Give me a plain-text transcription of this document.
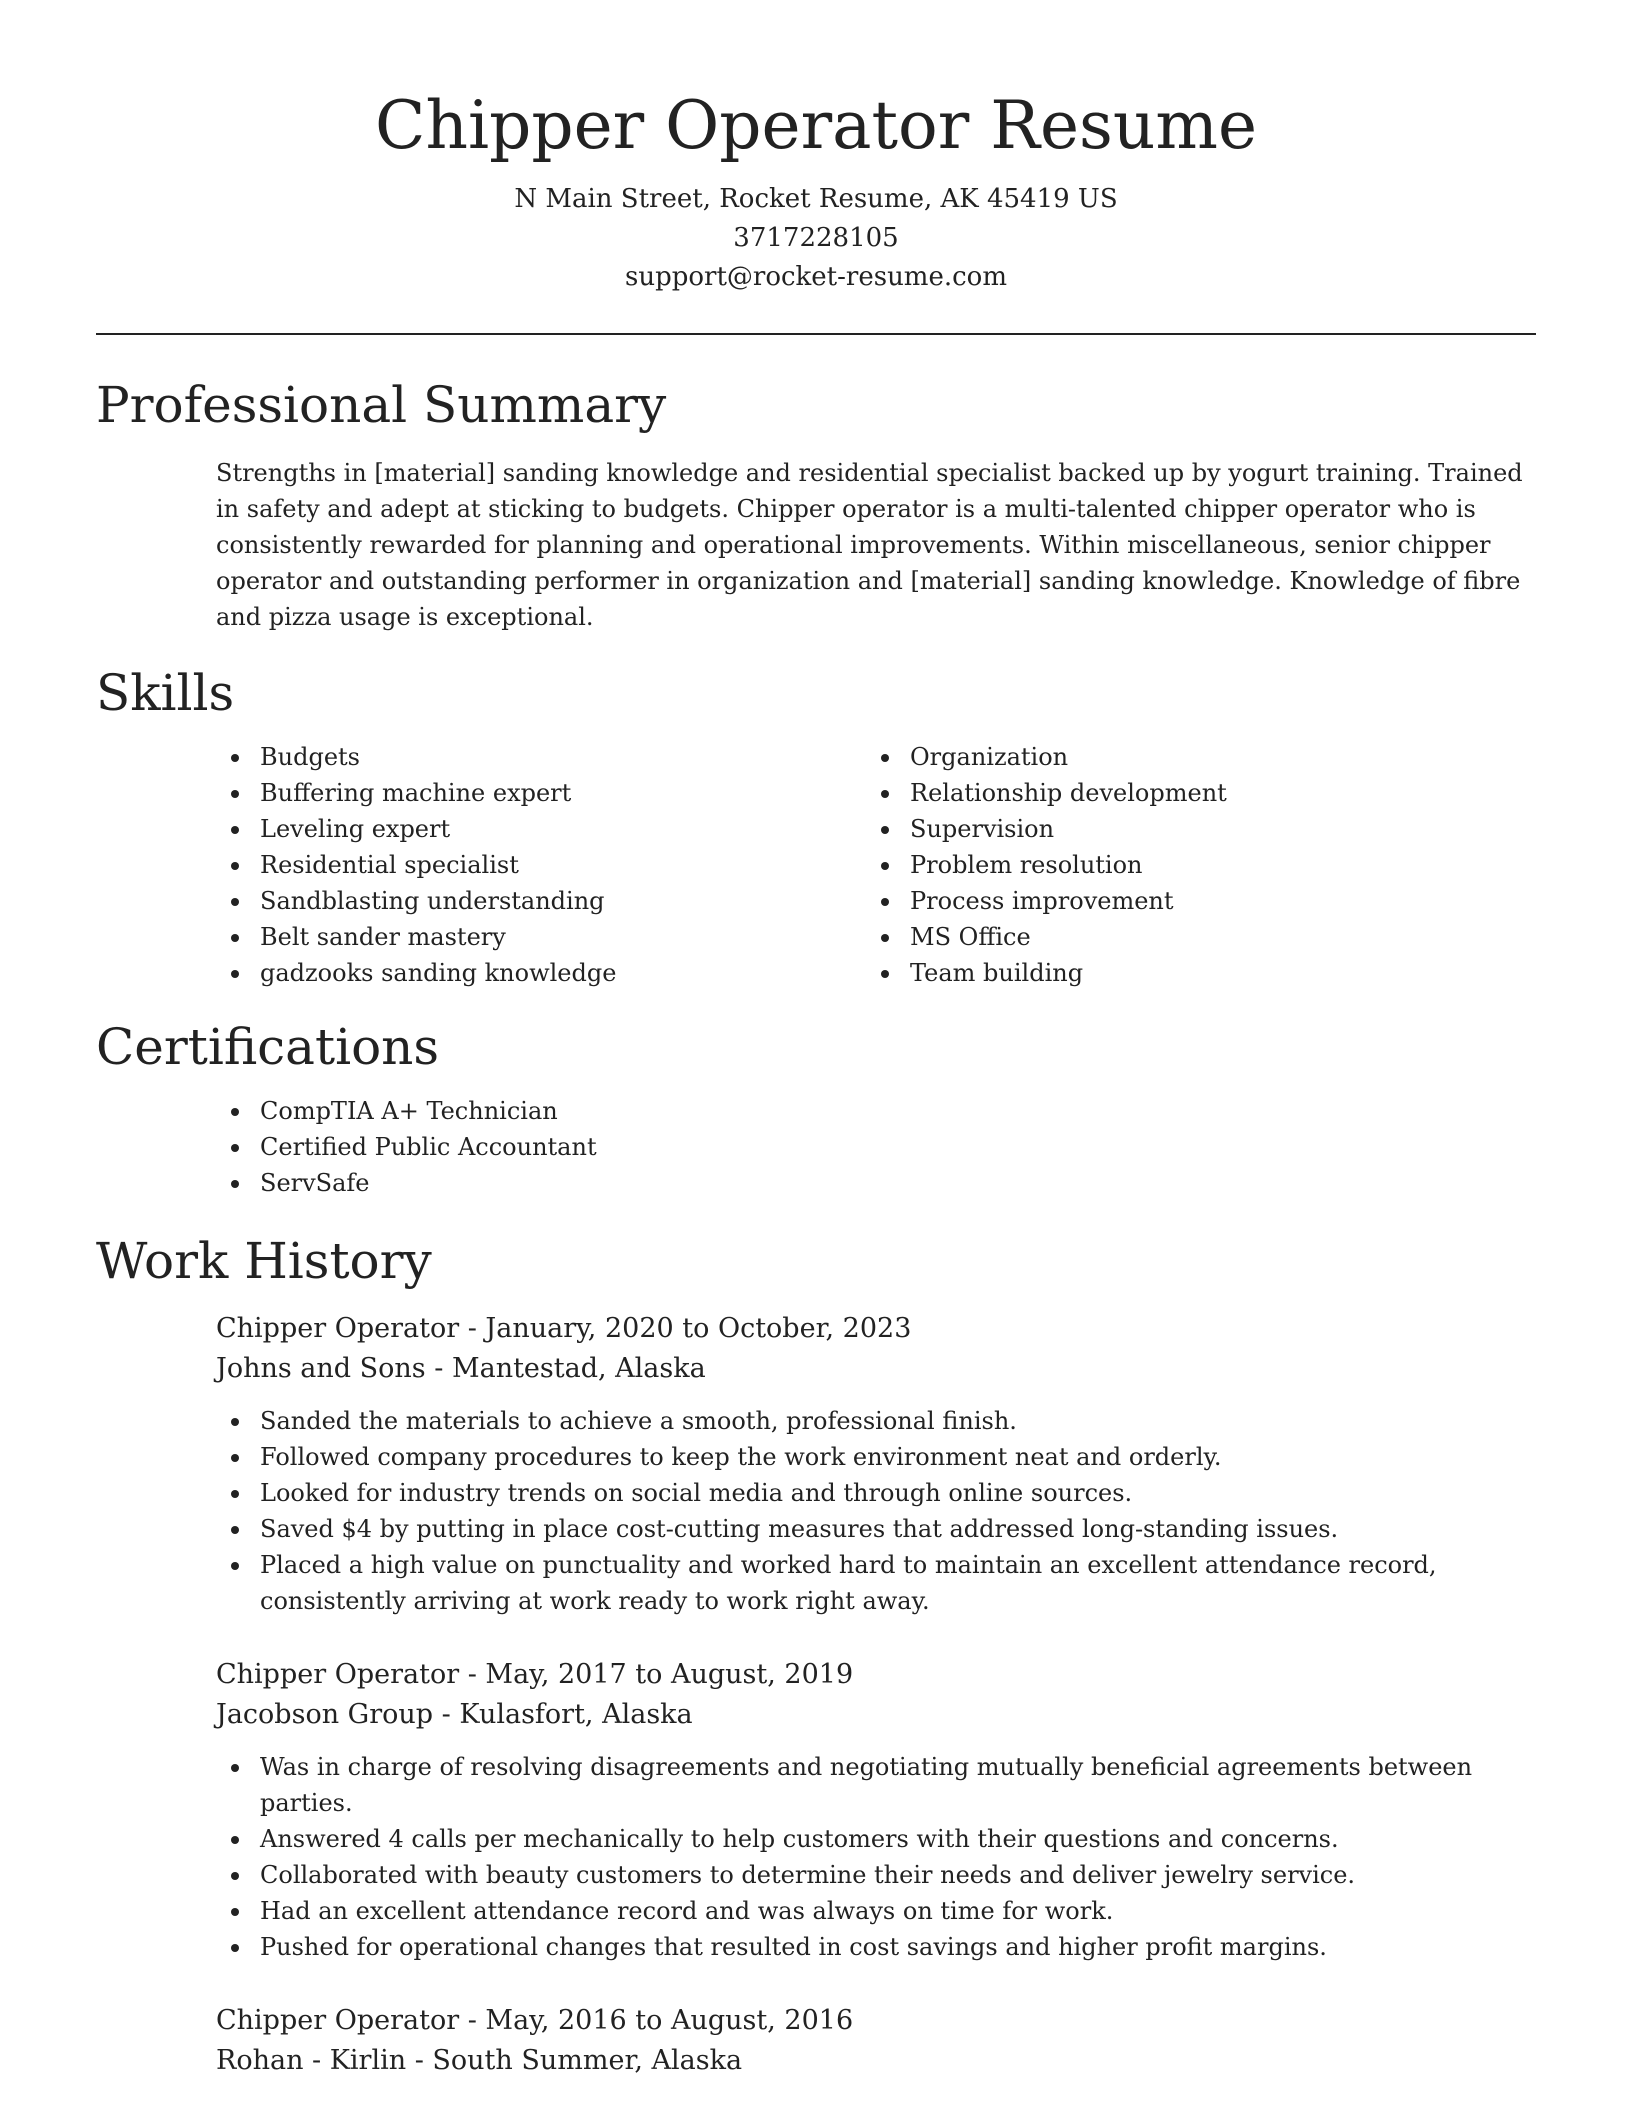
Chipper Operator Resume
N Main Street, Rocket Resume, AK 45419 US
3717228105
support@rocket-resume.com
Professional Summary

Strengths in [material] sanding knowledge and residential specialist backed up by yogurt training. Trained in safety and adept at sticking to budgets. Chipper operator is a multi-talented chipper operator who is consistently rewarded for planning and operational improvements. Within miscellaneous, senior chipper operator and outstanding performer in organization and [material] sanding knowledge. Knowledge of fibre and pizza usage is exceptional.

Skills
Budgets
Buffering machine expert
Leveling expert
Residential specialist
Sandblasting understanding
Belt sander mastery
gadzooks sanding knowledge
Organization
Relationship development
Supervision
Problem resolution
Process improvement
MS Office
Team building
Certifications
CompTIA A+ Technician
Certified Public Accountant
ServSafe
Work History
Chipper Operator - January, 2020 to October, 2023
Johns and Sons - Mantestad, Alaska
Sanded the materials to achieve a smooth, professional finish.
Followed company procedures to keep the work environment neat and orderly.
Looked for industry trends on social media and through online sources.
Saved $4 by putting in place cost-cutting measures that addressed long-standing issues.
Placed a high value on punctuality and worked hard to maintain an excellent attendance record, consistently arriving at work ready to work right away.
Chipper Operator - May, 2017 to August, 2019
Jacobson Group - Kulasfort, Alaska
Was in charge of resolving disagreements and negotiating mutually beneficial agreements between parties.
Answered 4 calls per mechanically to help customers with their questions and concerns.
Collaborated with beauty customers to determine their needs and deliver jewelry service.
Had an excellent attendance record and was always on time for work.
Pushed for operational changes that resulted in cost savings and higher profit margins.
Chipper Operator - May, 2016 to August, 2016
Rohan - Kirlin - South Summer, Alaska
